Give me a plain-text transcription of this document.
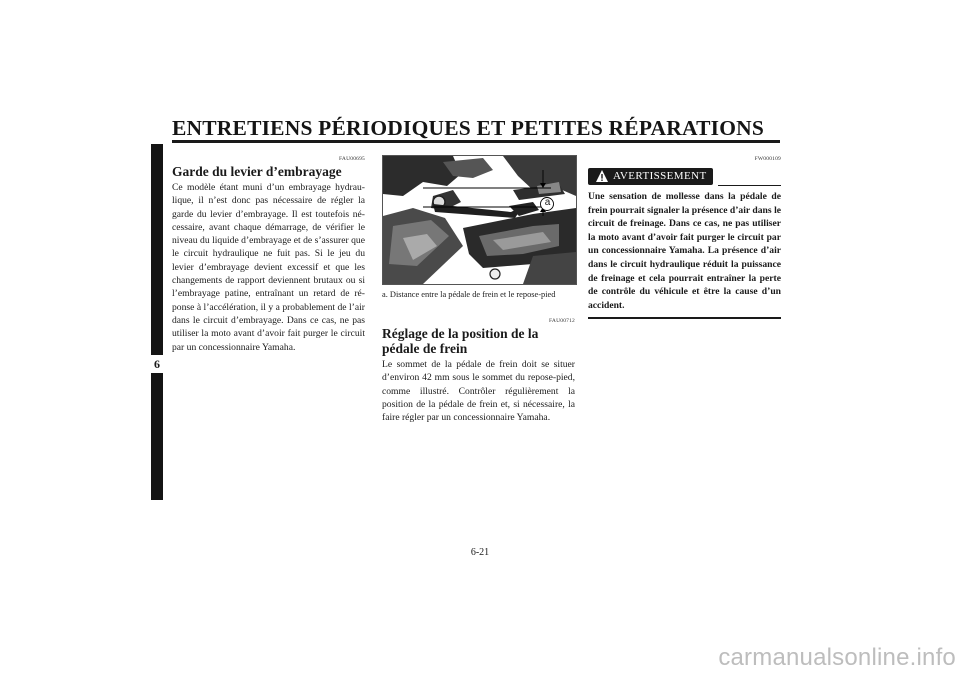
ENTRETIENS PÉRIODIQUES ET PETITES RÉPARATIONS
6
FAU00695
Garde du levier d’embrayage
Ce modèle étant muni d’un embrayage hydraulique, il n’est donc pas nécessaire de régler la garde du levier d’embrayage. Il est toutefois nécessaire, avant chaque démarrage, de vérifier le niveau du liquide d’embrayage et de s’assurer que le circuit hydraulique ne fuit pas. Si le jeu du levier d’embrayage devient excessif et que les changements de rapport deviennent brutaux ou si l’embrayage patine, entraînant un retard de réponse à l’accélération, il y a probablement de l’air dans le circuit d’embrayage. Dans ce cas, ne pas utiliser la moto avant d’avoir fait purger le circuit par un concessionnaire Yamaha.
a
a. Distance entre la pédale de frein et le repose-pied
FAU00712
Réglage de la position de la pédale de frein
Le sommet de la pédale de frein doit se situer d’environ 42 mm sous le sommet du repose-pied, comme illustré. Contrôler régulièrement la position de la pédale de frein et, si nécessaire, la faire régler par un concessionnaire Yamaha.
FW000109
AVERTISSEMENT
Une sensation de mollesse dans la pédale de frein pourrait signaler la présence d’air dans le circuit de freinage. Dans ce cas, ne pas utiliser la moto avant d’avoir fait purger le circuit par un concessionnaire Yamaha. La présence d’air dans le circuit hydraulique réduit la puissance de freinage et cela pourrait entraîner la perte de contrôle du véhicule et être la cause d’un accident.
6-21
carmanualsonline.info
